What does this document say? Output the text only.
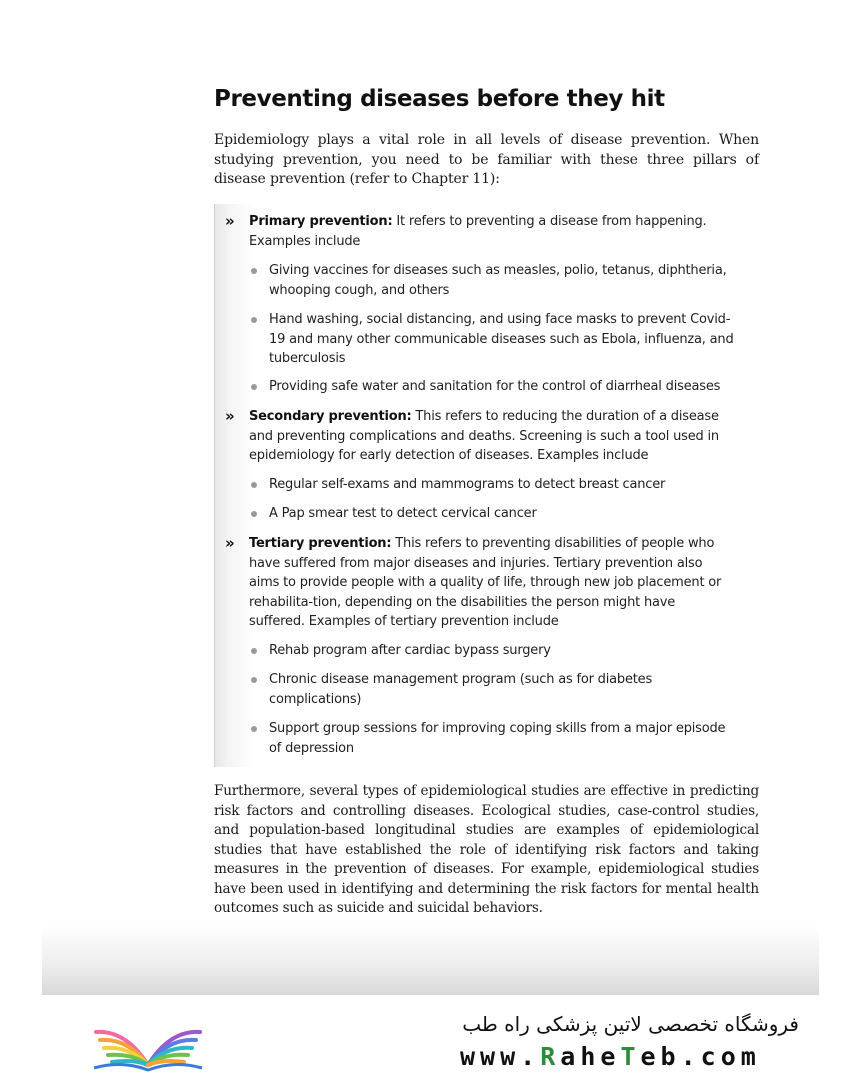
Preventing diseases before they hit

Epidemiology plays a vital role in all levels of disease prevention. When studying prevention, you need to be familiar with these three pillars of disease prevention (refer to Chapter 11):

» Primary prevention: It refers to preventing a disease from happening. Examples include
Giving vaccines for diseases such as measles, polio, tetanus, diphtheria, whooping cough, and others
Hand washing, social distancing, and using face masks to prevent Covid-19 and many other communicable diseases such as Ebola, influenza, and tuberculosis
Providing safe water and sanitation for the control of diarrheal diseases
» Secondary prevention: This refers to reducing the duration of a disease and preventing complications and deaths. Screening is such a tool used in epidemiology for early detection of diseases. Examples include
Regular self-exams and mammograms to detect breast cancer
A Pap smear test to detect cervical cancer
» Tertiary prevention: This refers to preventing disabilities of people who have suffered from major diseases and injuries. Tertiary prevention also aims to provide people with a quality of life, through new job placement or rehabilita-tion, depending on the disabilities the person might have suffered. Examples of tertiary prevention include
Rehab program after cardiac bypass surgery
Chronic disease management program (such as for diabetes complications)
Support group sessions for improving coping skills from a major episode of depression

Furthermore, several types of epidemiological studies are effective in predicting risk factors and controlling diseases. Ecological studies, case-control studies, and population-based longitudinal studies are examples of epidemiological studies that have established the role of identifying risk factors and taking measures in the prevention of diseases. For example, epidemiological studies have been used in identifying and determining the risk factors for mental health outcomes such as suicide and suicidal behaviors.

فروشگاه تخصصی لاتین پزشکی راه طب
www.RaheTeb.com
